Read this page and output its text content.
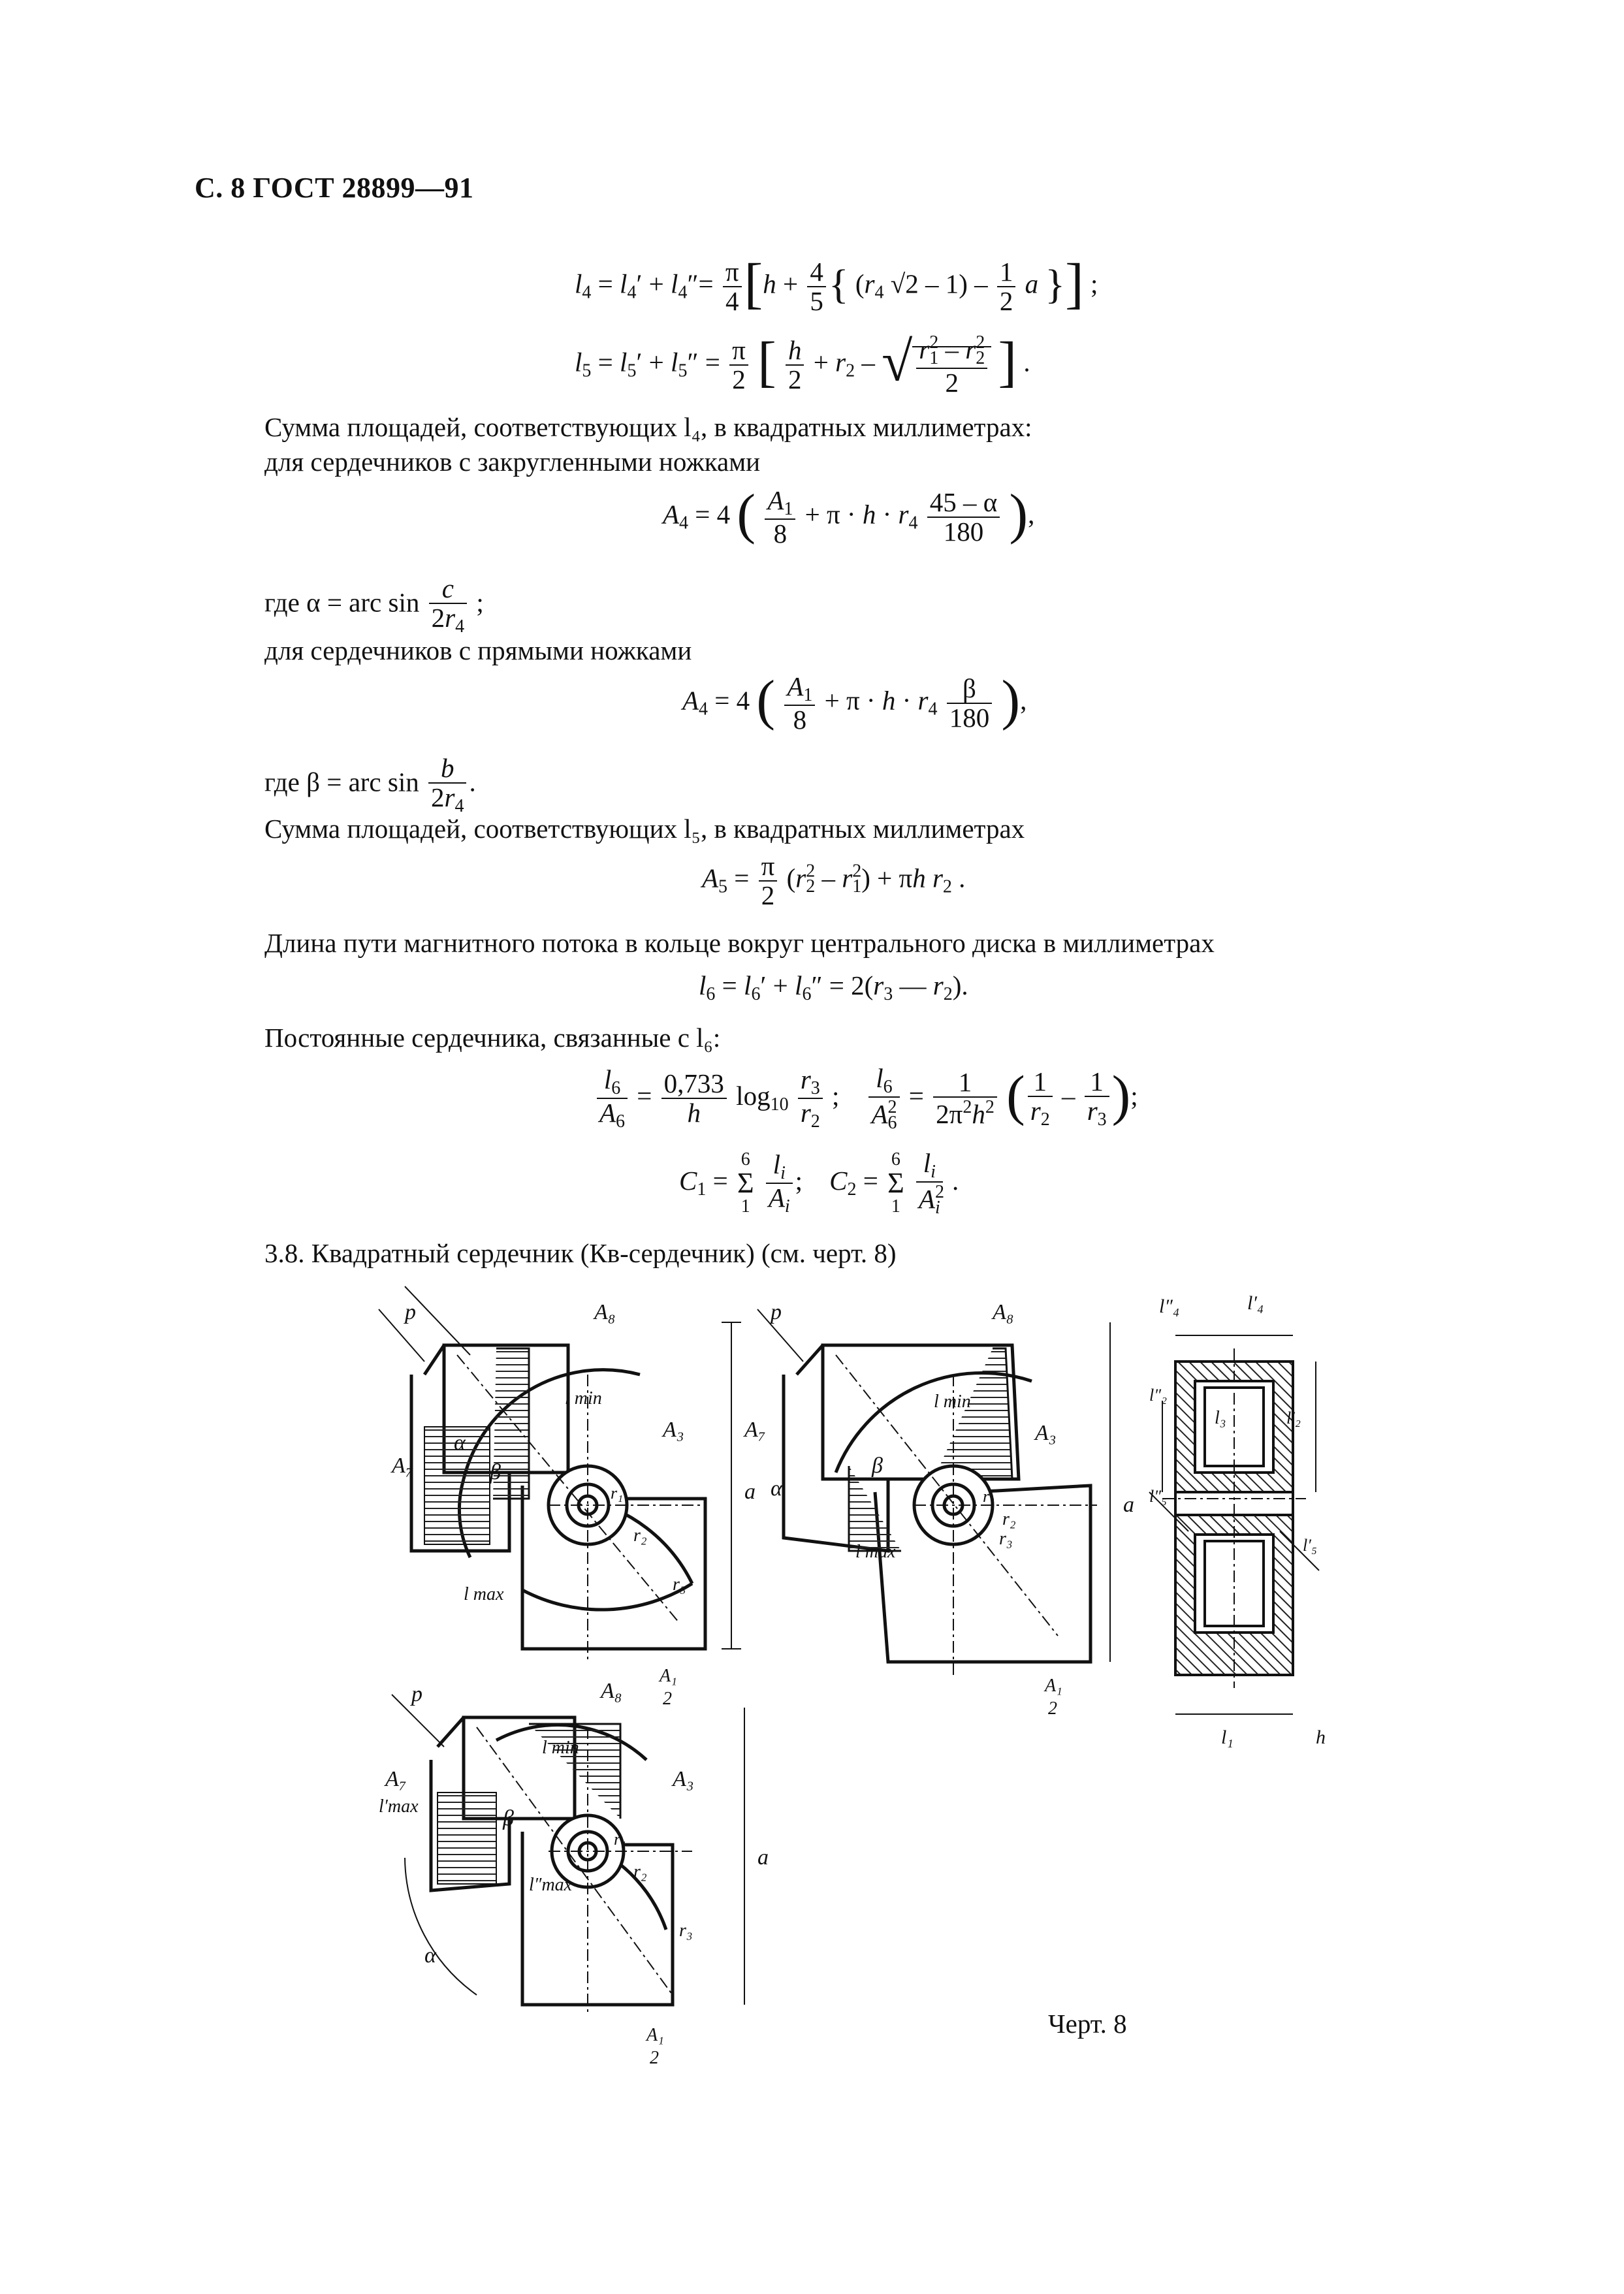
С. 8 ГОСТ 28899—91
$l_4 = l_4' + l_4''= \frac{\pi}{4} [h + \frac{4}{5}$ { ($r_4$ $√2 - 1) - \frac{1}{2}$ a }] ;
$l_5 = l_5' + l_5'' = \frac{\pi}{2}$ [ $\frac{h}{2} + r_2$ – √ $\frac{r^2_1 - r^2_2}{2}$ ] .
Сумма площадей, соответствующих l₄, в квадратных миллиметрах:
для сердечников с закругленными ножками
$A_4 = 4$ ( $\frac{A_1}{8} + \pi \cdot h \cdot r_4 \frac{45 - \alpha}{180}$ ),
где α = arc $\sin \frac{c}{2r_4}$ ;
для сердечников с прямыми ножками
$A_4 = 4$ ( $\frac{A_1}{8} + \pi \cdot h \cdot r_4 \frac{\beta}{180}$ ),
где β = arc $\sin \frac{b}{2r_4}$ .
Сумма площадей, соответствующих l₅, в квадратных миллиметрах
$A_5 = \frac{\pi}{2} (r^2_2 - r^2_1) + \pi h$ $r_2$ .
Длина пути магнитного потока в кольце вокруг центрального диска в миллиметрах
$l_6 = l_6' + l_6'' = 2(r_3$ — $r_2$).
Постоянные сердечника, связанные с l₆:
$\frac{l_6}{A_6} = \frac{0,733}{h} \log_{10} \frac{r_3}{r_2}$ ; $\frac{l_6}{A^2_6} = \frac{1}{2\pi^2h^2}$ ( $\frac{1}{r_2} - \frac{1}{r_3}$ );
$C_1 = 6$
Σ
$1 \frac{l_i}{A_i}$ ;    $C_2 = 6$
Σ
$1 \frac{l_i}{A^2_i}$ .
3.8. Квадратный сердечник (Кв-сердечник) (см. черт. 8)
p	A₈
l min
A₃
A₇
α
β
r₁
r₂
r₃
l max
a
A₁
2
p	A₈
l min
A₃
A₇
α
β
r₁
r₂
r₃
l max
a
A₁
2
l″₄	l′₄
l″₂
l₃	l′₂
l″₅
l′₅
l₁	h
p	A₈
l min
A₃
A₇
l′max	β
r₁
r₂
r₃
l″max
α
a
A₁
2
Черт. 8
